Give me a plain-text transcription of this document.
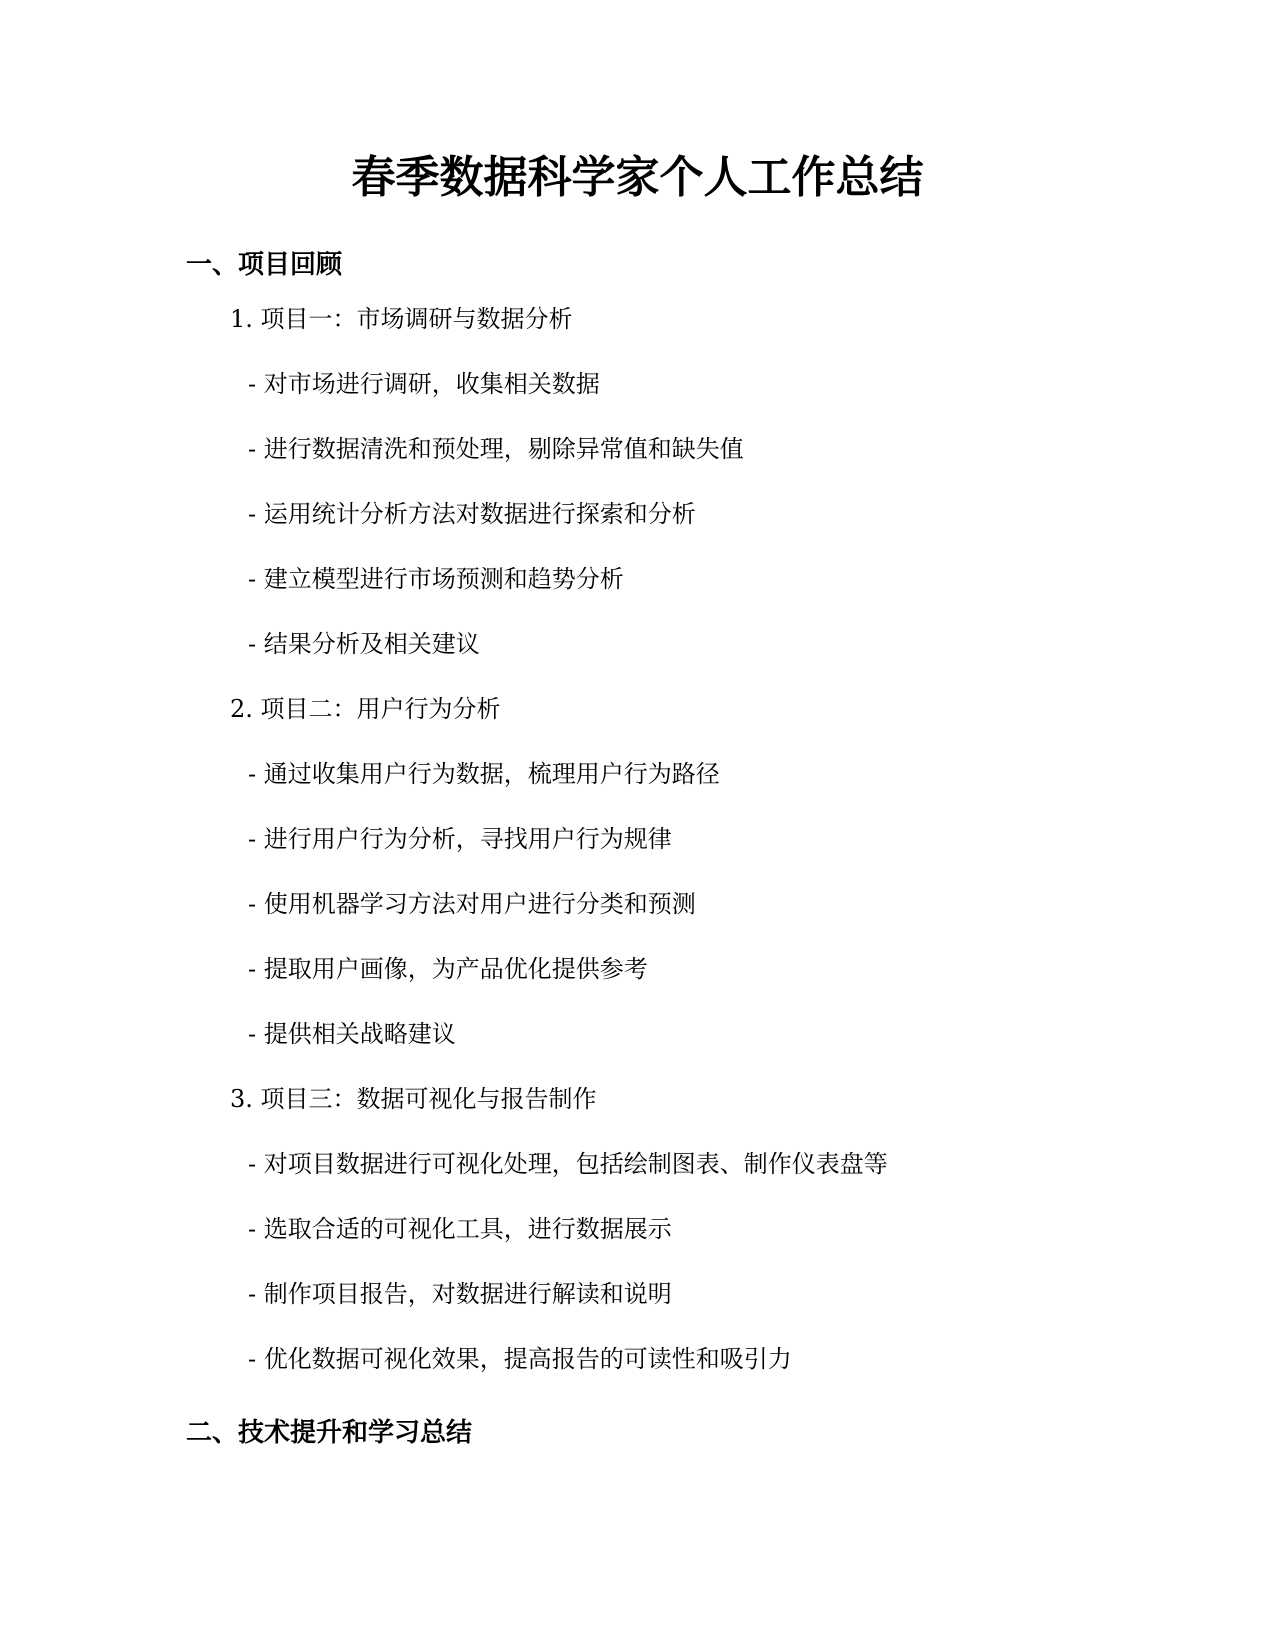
春季数据科学家个人工作总结
一、项目回顾
1. 项目一：市场调研与数据分析
- 对市场进行调研，收集相关数据
- 进行数据清洗和预处理，剔除异常值和缺失值
- 运用统计分析方法对数据进行探索和分析
- 建立模型进行市场预测和趋势分析
- 结果分析及相关建议
2. 项目二：用户行为分析
- 通过收集用户行为数据，梳理用户行为路径
- 进行用户行为分析，寻找用户行为规律
- 使用机器学习方法对用户进行分类和预测
- 提取用户画像，为产品优化提供参考
- 提供相关战略建议
3. 项目三：数据可视化与报告制作
- 对项目数据进行可视化处理，包括绘制图表、制作仪表盘等
- 选取合适的可视化工具，进行数据展示
- 制作项目报告，对数据进行解读和说明
- 优化数据可视化效果，提高报告的可读性和吸引力
二、技术提升和学习总结
